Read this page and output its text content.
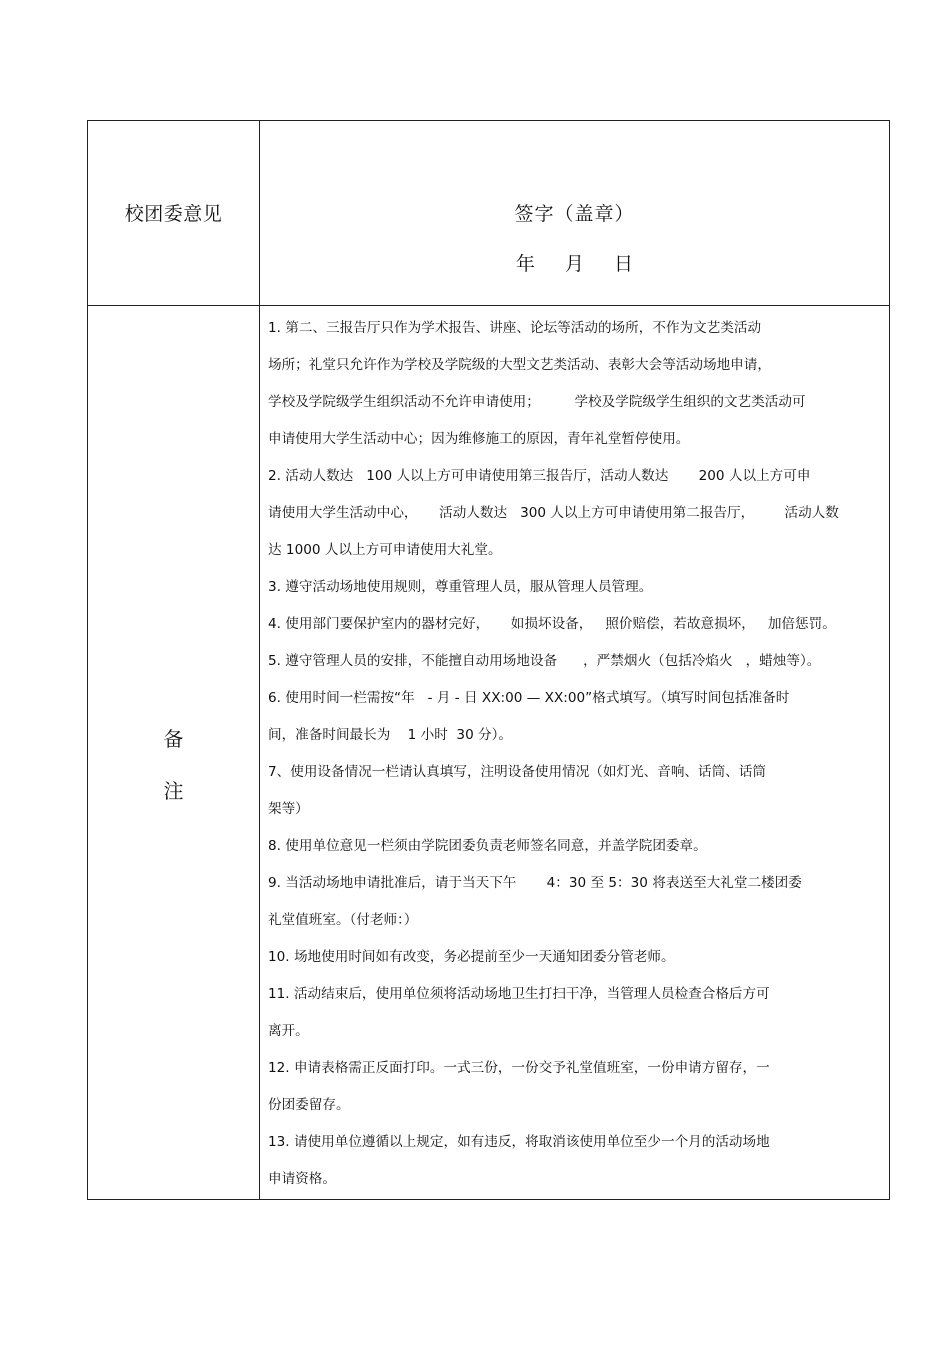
校团委意见	签字（盖章）
年 月 日
备
注
1. 第二、三报告厅只作为学术报告、讲座、论坛等活动的场所，不作为文艺类活动
场所；礼堂只允许作为学校及学院级的大型文艺类活动、表彰大会等活动场地申请，
学校及学院级学生组织活动不允许申请使用；        学校及学院级学生组织的文艺类活动可
申请使用大学生活动中心；因为维修施工的原因，青年礼堂暂停使用。
2. 活动人数达   100 人以上方可申请使用第三报告厅，活动人数达       200 人以上方可申
请使用大学生活动中心，     活动人数达   300 人以上方可申请使用第二报告厅，       活动人数
达 1000 人以上方可申请使用大礼堂。
3. 遵守活动场地使用规则，尊重管理人员，服从管理人员管理。
4. 使用部门要保护室内的器材完好，     如损坏设备，   照价赔偿，若故意损坏，   加倍惩罚。
5. 遵守管理人员的安排，不能擅自动用场地设备      ，严禁烟火（包括冷焰火   ，蜡烛等）。
6. 使用时间一栏需按“年   - 月 - 日 XX:00 — XX:00”格式填写。（填写时间包括准备时
间，准备时间最长为    1 小时  30 分）。
7、使用设备情况一栏请认真填写，注明设备使用情况（如灯光、音响、话筒、话筒
架等）
8. 使用单位意见一栏须由学院团委负责老师签名同意，并盖学院团委章。
9. 当活动场地申请批准后，请于当天下午       4：30 至 5：30 将表送至大礼堂二楼团委
礼堂值班室。（付老师：）
10. 场地使用时间如有改变，务必提前至少一天通知团委分管老师。
11. 活动结束后，使用单位须将活动场地卫生打扫干净，当管理人员检查合格后方可
离开。
12. 申请表格需正反面打印。一式三份，一份交予礼堂值班室，一份申请方留存，一
份团委留存。
13. 请使用单位遵循以上规定，如有违反，将取消该使用单位至少一个月的活动场地
申请资格。
